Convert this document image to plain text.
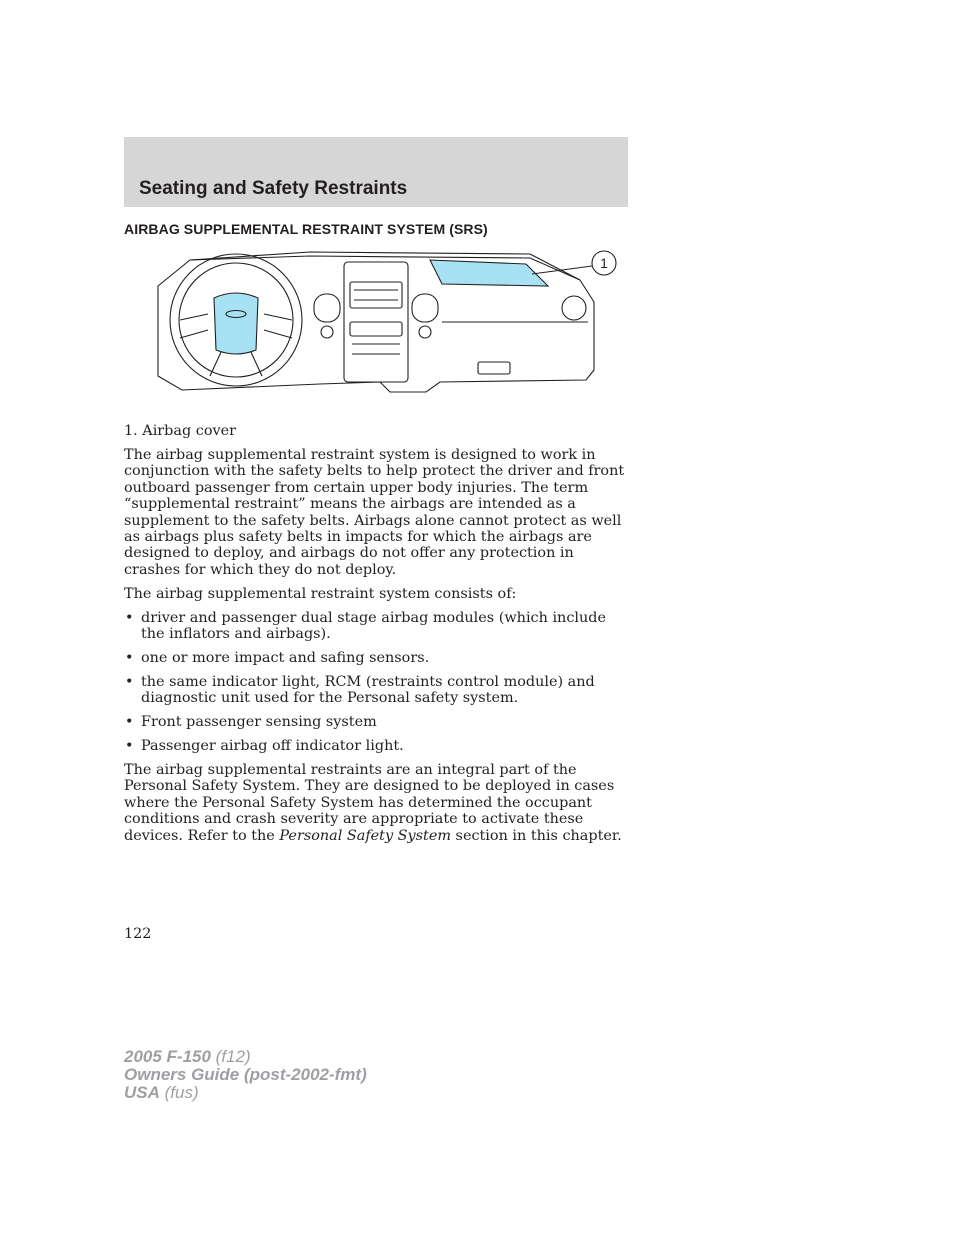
Seating and Safety Restraints
AIRBAG SUPPLEMENTAL RESTRAINT SYSTEM (SRS)
1

1. Airbag cover

The airbag supplemental restraint system is designed to work in conjunction with the safety belts to help protect the driver and front outboard passenger from certain upper body injuries. The term “supplemental restraint” means the airbags are intended as a supplement to the safety belts. Airbags alone cannot protect as well as airbags plus safety belts in impacts for which the airbags are designed to deploy, and airbags do not offer any protection in crashes for which they do not deploy.

The airbag supplemental restraint system consists of:

• driver and passenger dual stage airbag modules (which include the inflators and airbags).
• one or more impact and safing sensors.
• the same indicator light, RCM (restraints control module) and diagnostic unit used for the Personal safety system.
• Front passenger sensing system
• Passenger airbag off indicator light.

The airbag supplemental restraints are an integral part of the Personal Safety System. They are designed to be deployed in cases where the Personal Safety System has determined the occupant conditions and crash severity are appropriate to activate these devices. Refer to the Personal Safety System section in this chapter.

122
2005 F-150 (f12)
Owners Guide (post-2002-fmt)
USA (fus)
